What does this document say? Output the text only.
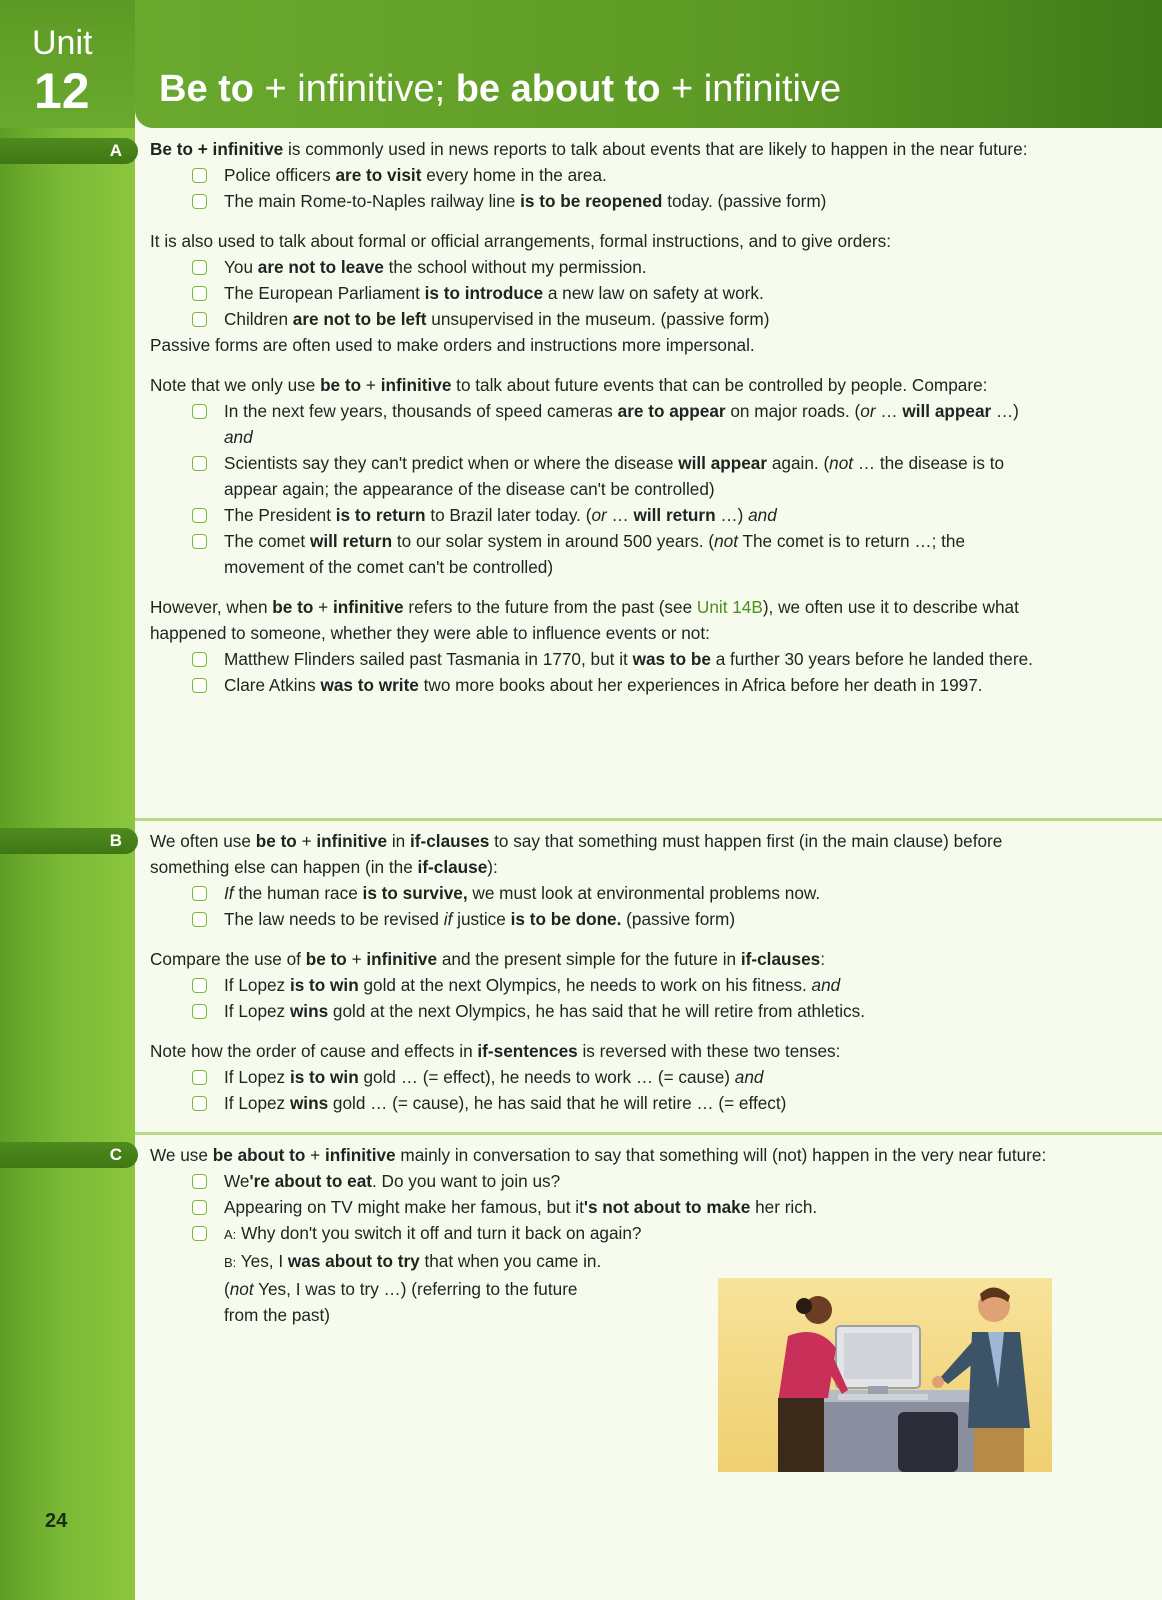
Unit
12 Be to + infinitive; be about to + infinitive
A	Be to + infinitive is commonly used in news reports to talk about events that are likely to happen in the near future:

Police officers are to visit every home in the area.

The main Rome-to-Naples railway line is to be reopened today. (passive form)

It is also used to talk about formal or official arrangements, formal instructions, and to give orders:

You are not to leave the school without my permission.

The European Parliament is to introduce a new law on safety at work.

Children are not to be left unsupervised in the museum. (passive form)

Passive forms are often used to make orders and instructions more impersonal.

Note that we only use be to + infinitive to talk about future events that can be controlled by people. Compare:

In the next few years, thousands of speed cameras are to appear on major roads. (or … will appear …) and

Scientists say they can't predict when or where the disease will appear again. (not … the disease is to appear again; the appearance of the disease can't be controlled)

The President is to return to Brazil later today. (or … will return …) and

The comet will return to our solar system in around 500 years. (not The comet is to return …; the movement of the comet can't be controlled)

However, when be to + infinitive refers to the future from the past (see Unit 14B), we often use it to describe what happened to someone, whether they were able to influence events or not:

Matthew Flinders sailed past Tasmania in 1770, but it was to be a further 30 years before he landed there.

Clare Atkins was to write two more books about her experiences in Africa before her death in 1997.

B	We often use be to + infinitive in if-clauses to say that something must happen first (in the main clause) before something else can happen (in the if-clause):

If the human race is to survive, we must look at environmental problems now.

The law needs to be revised if justice is to be done. (passive form)

Compare the use of be to + infinitive and the present simple for the future in if-clauses:

If Lopez is to win gold at the next Olympics, he needs to work on his fitness. and

If Lopez wins gold at the next Olympics, he has said that he will retire from athletics.

Note how the order of cause and effects in if-sentences is reversed with these two tenses:

If Lopez is to win gold … (= effect), he needs to work … (= cause) and

If Lopez wins gold … (= cause), he has said that he will retire … (= effect)

C	We use be about to + infinitive mainly in conversation to say that something will (not) happen in the very near future:

We're about to eat. Do you want to join us?

Appearing on TV might make her famous, but it's not about to make her rich.

A: Why don't you switch it off and turn it back on again?

B: Yes, I was about to try that when you came in.

(not Yes, I was to try …) (referring to the future

from the past)

24
